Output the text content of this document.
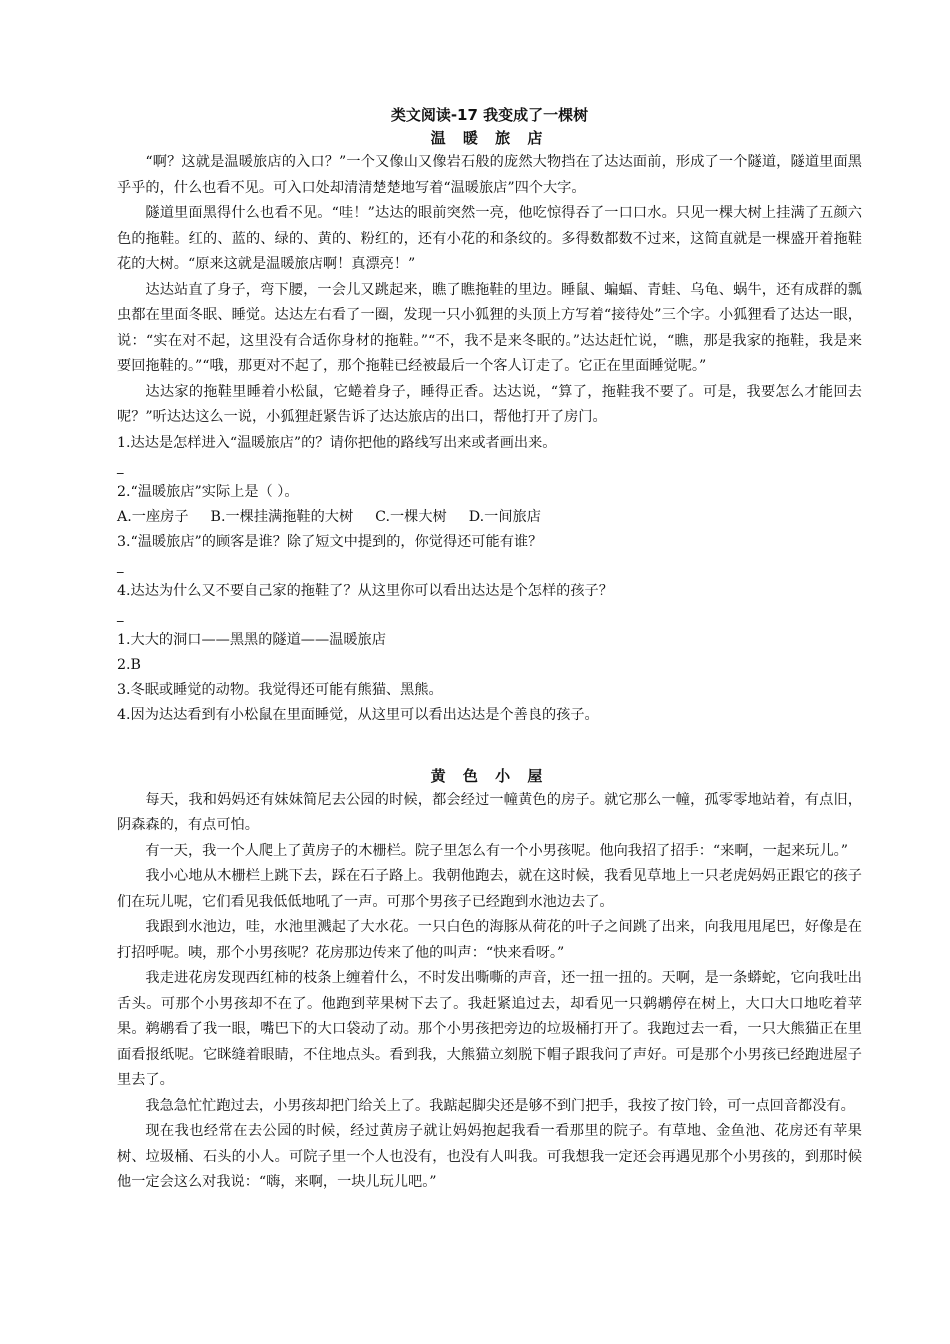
类文阅读-17 我变成了一棵树
温 暖 旅 店

“啊？这就是温暖旅店的入口？”一个又像山又像岩石般的庞然大物挡在了达达面前，形成了一个隧道，隧道里面黑乎乎的，什么也看不见。可入口处却清清楚楚地写着“温暖旅店”四个大字。

隧道里面黑得什么也看不见。“哇！”达达的眼前突然一亮，他吃惊得吞了一口口水。只见一棵大树上挂满了五颜六色的拖鞋。红的、蓝的、绿的、黄的、粉红的，还有小花的和条纹的。多得数都数不过来，这简直就是一棵盛开着拖鞋花的大树。“原来这就是温暖旅店啊！真漂亮！”

达达站直了身子，弯下腰，一会儿又跳起来，瞧了瞧拖鞋的里边。睡鼠、蝙蝠、青蛙、乌龟、蜗牛，还有成群的瓢虫都在里面冬眠、睡觉。达达左右看了一圈，发现一只小狐狸的头顶上方写着“接待处”三个字。小狐狸看了达达一眼，说：“实在对不起，这里没有合适你身材的拖鞋。”“不，我不是来冬眠的。”达达赶忙说，“瞧，那是我家的拖鞋，我是来要回拖鞋的。”“哦，那更对不起了，那个拖鞋已经被最后一个客人订走了。它正在里面睡觉呢。”

达达家的拖鞋里睡着小松鼠，它蜷着身子，睡得正香。达达说，“算了，拖鞋我不要了。可是，我要怎么才能回去呢？”听达达这么一说，小狐狸赶紧告诉了达达旅店的出口，帮他打开了房门。

1.达达是怎样进入“温暖旅店”的？请你把他的路线写出来或者画出来。

_

2.“温暖旅店”实际上是（ ）。

A.一座房子 B.一棵挂满拖鞋的大树 C.一棵大树 D.一间旅店

3.“温暖旅店”的顾客是谁？除了短文中提到的，你觉得还可能有谁？

_

4.达达为什么又不要自己家的拖鞋了？从这里你可以看出达达是个怎样的孩子？

_

1.大大的洞口——黑黑的隧道——温暖旅店

2.B

3.冬眠或睡觉的动物。我觉得还可能有熊猫、黑熊。

4.因为达达看到有小松鼠在里面睡觉，从这里可以看出达达是个善良的孩子。

黄 色 小 屋

每天，我和妈妈还有妹妹简尼去公园的时候，都会经过一幢黄色的房子。就它那么一幢，孤零零地站着，有点旧，阴森森的，有点可怕。

有一天，我一个人爬上了黄房子的木栅栏。院子里怎么有一个小男孩呢。他向我招了招手：“来啊，一起来玩儿。”

我小心地从木栅栏上跳下去，踩在石子路上。我朝他跑去，就在这时候，我看见草地上一只老虎妈妈正跟它的孩子们在玩儿呢，它们看见我低低地吼了一声。可那个男孩子已经跑到水池边去了。

我跟到水池边，哇，水池里溅起了大水花。一只白色的海豚从荷花的叶子之间跳了出来，向我甩甩尾巴，好像是在打招呼呢。咦，那个小男孩呢？花房那边传来了他的叫声：“快来看呀。”

我走进花房发现西红柿的枝条上缠着什么，不时发出嘶嘶的声音，还一扭一扭的。天啊，是一条蟒蛇，它向我吐出舌头。可那个小男孩却不在了。他跑到苹果树下去了。我赶紧追过去，却看见一只鹈鹕停在树上，大口大口地吃着苹果。鹈鹕看了我一眼，嘴巴下的大口袋动了动。那个小男孩把旁边的垃圾桶打开了。我跑过去一看，一只大熊猫正在里面看报纸呢。它眯缝着眼睛，不住地点头。看到我，大熊猫立刻脱下帽子跟我问了声好。可是那个小男孩已经跑进屋子里去了。

我急急忙忙跑过去，小男孩却把门给关上了。我踮起脚尖还是够不到门把手，我按了按门铃，可一点回音都没有。

现在我也经常在去公园的时候，经过黄房子就让妈妈抱起我看一看那里的院子。有草地、金鱼池、花房还有苹果树、垃圾桶、石头的小人。可院子里一个人也没有，也没有人叫我。可我想我一定还会再遇见那个小男孩的，到那时候他一定会这么对我说：“嗨，来啊，一块儿玩儿吧。”
